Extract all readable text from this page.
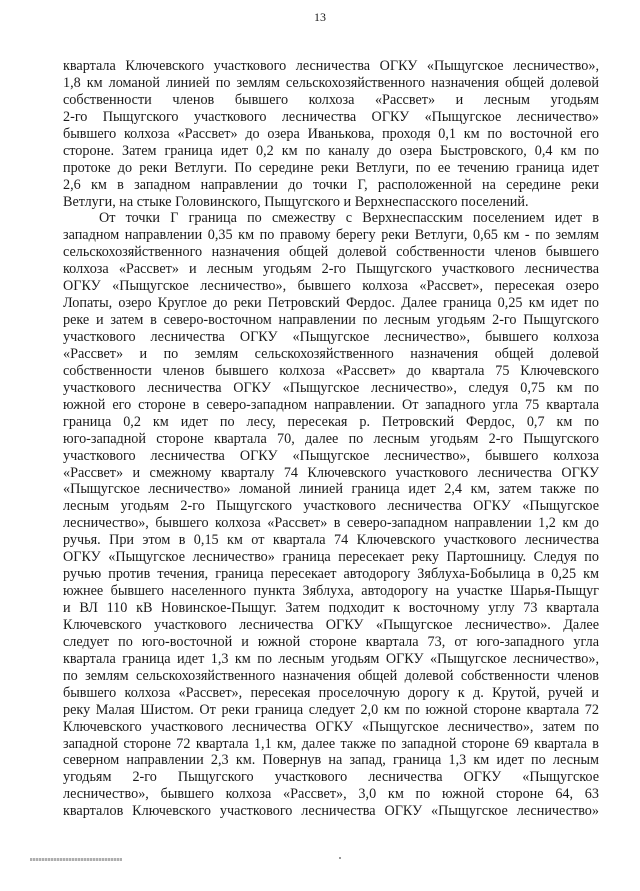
13
квартала Ключевского участкового лесничества ОГКУ «Пыщугское лесничество»,
1,8 км ломаной линией по землям сельскохозяйственного назначения общей долевой
собственности членов бывшего колхоза «Рассвет» и лесным угодьям
2-го Пыщугского участкового лесничества ОГКУ «Пыщугское лесничество»
бывшего колхоза «Рассвет» до озера Иванькова, проходя 0,1 км по восточной его
стороне. Затем граница идет 0,2 км по каналу до озера Быстровского, 0,4 км по
протоке до реки Ветлуги. По середине реки Ветлуги, по ее течению граница идет
2,6 км в западном направлении до точки Г, расположенной на середине реки
Ветлуги, на стыке Головинского, Пыщугского и Верхнеспасского поселений.
От точки Г граница по смежеству с Верхнеспасским поселением идет в
западном направлении 0,35 км по правому берегу реки Ветлуги, 0,65 км - по землям
сельскохозяйственного назначения общей долевой собственности членов бывшего
колхоза «Рассвет» и лесным угодьям 2-го Пыщугского участкового лесничества
ОГКУ «Пыщугское лесничество», бывшего колхоза «Рассвет», пересекая озеро
Лопаты, озеро Круглое до реки Петровский Фердос. Далее граница 0,25 км идет по
реке и затем в северо-восточном направлении по лесным угодьям 2-го Пыщугского
участкового лесничества ОГКУ «Пыщугское лесничество», бывшего колхоза
«Рассвет» и по землям сельскохозяйственного назначения общей долевой
собственности членов бывшего колхоза «Рассвет» до квартала 75 Ключевского
участкового лесничества ОГКУ «Пыщугское лесничество», следуя 0,75 км по
южной его стороне в северо-западном направлении. От западного угла 75 квартала
граница 0,2 км идет по лесу, пересекая р. Петровский Фердос, 0,7 км по
юго-западной стороне квартала 70, далее по лесным угодьям 2-го Пыщугского
участкового лесничества ОГКУ «Пыщугское лесничество», бывшего колхоза
«Рассвет» и смежному кварталу 74 Ключевского участкового лесничества ОГКУ
«Пыщугское лесничество» ломаной линией граница идет 2,4 км, затем также по
лесным угодьям 2-го Пыщугского участкового лесничества ОГКУ «Пыщугское
лесничество», бывшего колхоза «Рассвет» в северо-западном направлении 1,2 км до
ручья. При этом в 0,15 км от квартала 74 Ключевского участкового лесничества
ОГКУ «Пыщугское лесничество» граница пересекает реку Партошницу. Следуя по
ручью против течения, граница пересекает автодорогу Зяблуха-Бобылица в 0,25 км
южнее бывшего населенного пункта Зяблуха, автодорогу на участке Шарья-Пыщуг
и ВЛ 110 кВ Новинское-Пыщуг. Затем подходит к восточному углу 73 квартала
Ключевского участкового лесничества ОГКУ «Пыщугское лесничество». Далее
следует по юго-восточной и южной стороне квартала 73, от юго-западного угла
квартала граница идет 1,3 км по лесным угодьям ОГКУ «Пыщугское лесничество»,
по землям сельскохозяйственного назначения общей долевой собственности членов
бывшего колхоза «Рассвет», пересекая проселочную дорогу к д. Крутой, ручей и
реку Малая Шистом. От реки граница следует 2,0 км по южной стороне квартала 72
Ключевского участкового лесничества ОГКУ «Пыщугское лесничество», затем по
западной стороне 72 квартала 1,1 км, далее также по западной стороне 69 квартала в
северном направлении 2,3 км. Повернув на запад, граница 1,3 км идет по лесным
угодьям 2-го Пыщугского участкового лесничества ОГКУ «Пыщугское
лесничество», бывшего колхоза «Рассвет», 3,0 км по южной стороне 64, 63
кварталов Ключевского участкового лесничества ОГКУ «Пыщугское лесничество»
